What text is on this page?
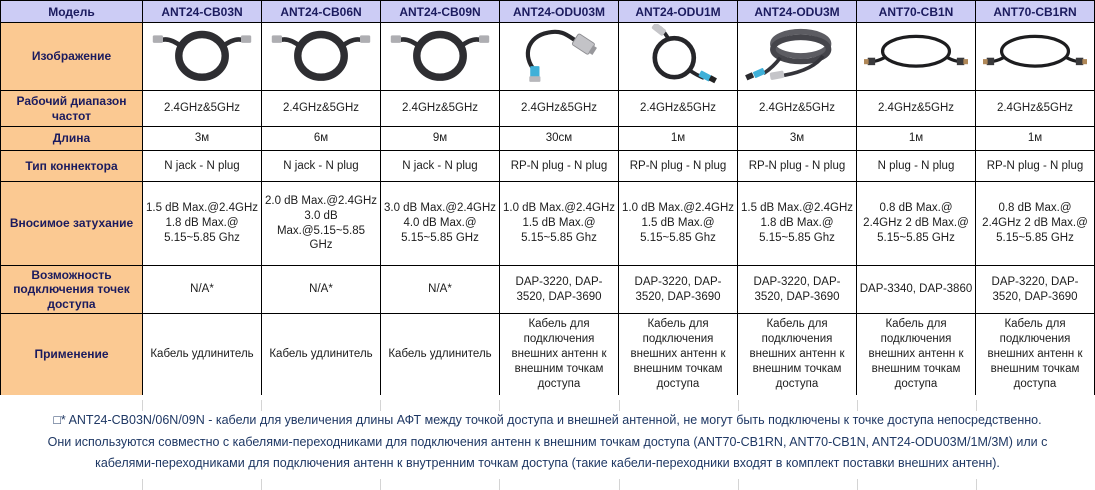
Модель	ANT24-CB03N	ANT24-CB06N	ANT24-CB09N	ANT24-ODU03M	ANT24-ODU1M	ANT24-ODU3M	ANT70-CB1N	ANT70-CB1RN
Изображение	

Рабочий диапазон частот	2.4GHz&5GHz	2.4GHz&5GHz	2.4GHz&5GHz	2.4GHz&5GHz	2.4GHz&5GHz	2.4GHz&5GHz	2.4GHz&5GHz	2.4GHz&5GHz
Длина	3м	6м	9м	30см	1м	3м	1м	1м
Тип коннектора	N jack - N plug	N jack - N plug	N jack - N plug	RP-N plug - N plug	RP-N plug - N plug	RP-N plug - N plug	N plug - N plug	RP-N plug - N plug
Вносимое затухание	1.5 dB Max.@2.4GHz 1.8 dB Max.@ 5.15~5.85 Ghz	2.0 dB Max.@2.4GHz 3.0 dB Max.@5.15~5.85 GHz	3.0 dB Max.@2.4GHz 4.0 dB Max.@ 5.15~5.85 GHz	1.0 dB Max.@2.4GHz 1.5 dB Max.@ 5.15~5.85 Ghz	1.0 dB Max.@2.4GHz 1.5 dB Max.@ 5.15~5.85 Ghz	1.5 dB Max.@2.4GHz 1.8 dB Max.@ 5.15~5.85 Ghz	0.8 dB Max.@ 2.4GHz 2 dB Max.@ 5.15~5.85 GHz	0.8 dB Max.@ 2.4GHz 2 dB Max.@ 5.15~5.85 GHz
Возможность подключения точек доступа	N/A*	N/A*	N/A*	DAP-3220, DAP-3520, DAP-3690	DAP-3220, DAP-3520, DAP-3690	DAP-3220, DAP-3520, DAP-3690	DAP-3340, DAP-3860	DAP-3220, DAP-3520, DAP-3690
Применение	Кабель удлинитель	Кабель удлинитель	Кабель удлинитель	Кабель для подключения внешних антенн к внешним точкам доступа	Кабель для подключения внешних антенн к внешним точкам доступа	Кабель для подключения внешних антенн к внешним точкам доступа	Кабель для подключения внешних антенн к внешним точкам доступа	Кабель для подключения внешних антенн к внешним точкам доступа
□* ANT24-CB03N/06N/09N - кабели для увеличения длины АФТ между точкой доступа и внешней антенной, не могут быть подключены к точке доступа непосредственно.
Они используются совместно с кабелями-переходниками для подключения антенн к внешним точкам доступа (ANT70-CB1RN, ANT70-CB1N, ANT24-ODU03M/1M/3M) или с
кабелями-переходниками для подключения антенн к внутренним точкам доступа (такие кабели-переходники входят в комплект поставки внешних антенн).
